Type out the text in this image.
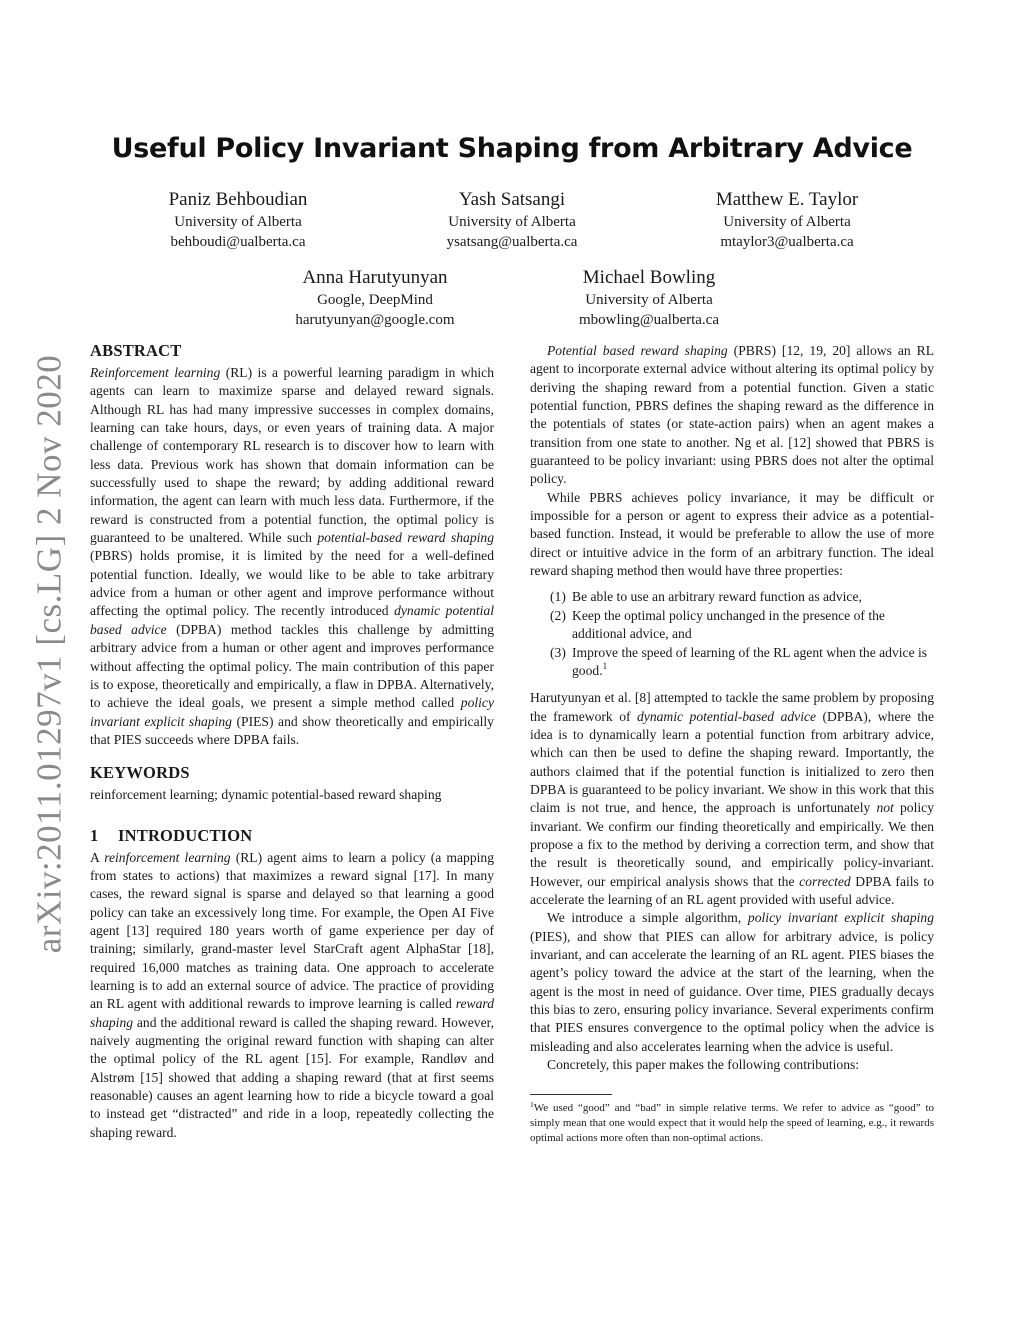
arXiv:2011.01297v1 [cs.LG] 2 Nov 2020
Useful Policy Invariant Shaping from Arbitrary Advice
Paniz Behboudian
University of Alberta
behboudi@ualberta.ca
Yash Satsangi
University of Alberta
ysatsang@ualberta.ca
Matthew E. Taylor
University of Alberta
mtaylor3@ualberta.ca
Anna Harutyunyan
Google, DeepMind
harutyunyan@google.com
Michael Bowling
University of Alberta
mbowling@ualberta.ca
ABSTRACT

Reinforcement learning (RL) is a powerful learning paradigm in which agents can learn to maximize sparse and delayed reward signals. Although RL has had many impressive successes in complex domains, learning can take hours, days, or even years of training data. A major challenge of contemporary RL research is to discover how to learn with less data. Previous work has shown that domain information can be successfully used to shape the reward; by adding additional reward information, the agent can learn with much less data. Furthermore, if the reward is constructed from a potential function, the optimal policy is guaranteed to be unaltered. While such potential-based reward shaping (PBRS) holds promise, it is limited by the need for a well-defined potential function. Ideally, we would like to be able to take arbitrary advice from a human or other agent and improve performance without affecting the optimal policy. The recently introduced dynamic potential based advice (DPBA) method tackles this challenge by admitting arbitrary advice from a human or other agent and improves performance without affecting the optimal policy. The main contribution of this paper is to expose, theoretically and empirically, a flaw in DPBA. Alternatively, to achieve the ideal goals, we present a simple method called policy invariant explicit shaping (PIES) and show theoretically and empirically that PIES succeeds where DPBA fails.

KEYWORDS

reinforcement learning; dynamic potential-based reward shaping

1 INTRODUCTION

A reinforcement learning (RL) agent aims to learn a policy (a mapping from states to actions) that maximizes a reward signal [17]. In many cases, the reward signal is sparse and delayed so that learning a good policy can take an excessively long time. For example, the Open AI Five agent [13] required 180 years worth of game experience per day of training; similarly, grand-master level StarCraft agent AlphaStar [18], required 16,000 matches as training data. One approach to accelerate learning is to add an external source of advice. The practice of providing an RL agent with additional rewards to improve learning is called reward shaping and the additional reward is called the shaping reward. However, naively augmenting the original reward function with shaping can alter the optimal policy of the RL agent [15]. For example, Randløv and Alstrøm [15] showed that adding a shaping reward (that at first seems reasonable) causes an agent learning how to ride a bicycle toward a goal to instead get “distracted” and ride in a loop, repeatedly collecting the shaping reward.

Potential based reward shaping (PBRS) [12, 19, 20] allows an RL agent to incorporate external advice without altering its optimal policy by deriving the shaping reward from a potential function. Given a static potential function, PBRS defines the shaping reward as the difference in the potentials of states (or state-action pairs) when an agent makes a transition from one state to another. Ng et al. [12] showed that PBRS is guaranteed to be policy invariant: using PBRS does not alter the optimal policy.

While PBRS achieves policy invariance, it may be difficult or impossible for a person or agent to express their advice as a potential-based function. Instead, it would be preferable to allow the use of more direct or intuitive advice in the form of an arbitrary function. The ideal reward shaping method then would have three properties:

(1) Be able to use an arbitrary reward function as advice,
(2) Keep the optimal policy unchanged in the presence of the additional advice, and
(3) Improve the speed of learning of the RL agent when the advice is good.$^1$

Harutyunyan et al. [8] attempted to tackle the same problem by proposing the framework of dynamic potential-based advice (DPBA), where the idea is to dynamically learn a potential function from arbitrary advice, which can then be used to define the shaping reward. Importantly, the authors claimed that if the potential function is initialized to zero then DPBA is guaranteed to be policy invariant. We show in this work that this claim is not true, and hence, the approach is unfortunately not policy invariant. We confirm our finding theoretically and empirically. We then propose a fix to the method by deriving a correction term, and show that the result is theoretically sound, and empirically policy-invariant. However, our empirical analysis shows that the corrected DPBA fails to accelerate the learning of an RL agent provided with useful advice.

We introduce a simple algorithm, policy invariant explicit shaping (PIES), and show that PIES can allow for arbitrary advice, is policy invariant, and can accelerate the learning of an RL agent. PIES biases the agent’s policy toward the advice at the start of the learning, when the agent is the most in need of guidance. Over time, PIES gradually decays this bias to zero, ensuring policy invariance. Several experiments confirm that PIES ensures convergence to the optimal policy when the advice is misleading and also accelerates learning when the advice is useful.

Concretely, this paper makes the following contributions:

$^1$We used “good” and “bad” in simple relative terms. We refer to advice as “good” to simply mean that one would expect that it would help the speed of learning, e.g., it rewards optimal actions more often than non-optimal actions.
